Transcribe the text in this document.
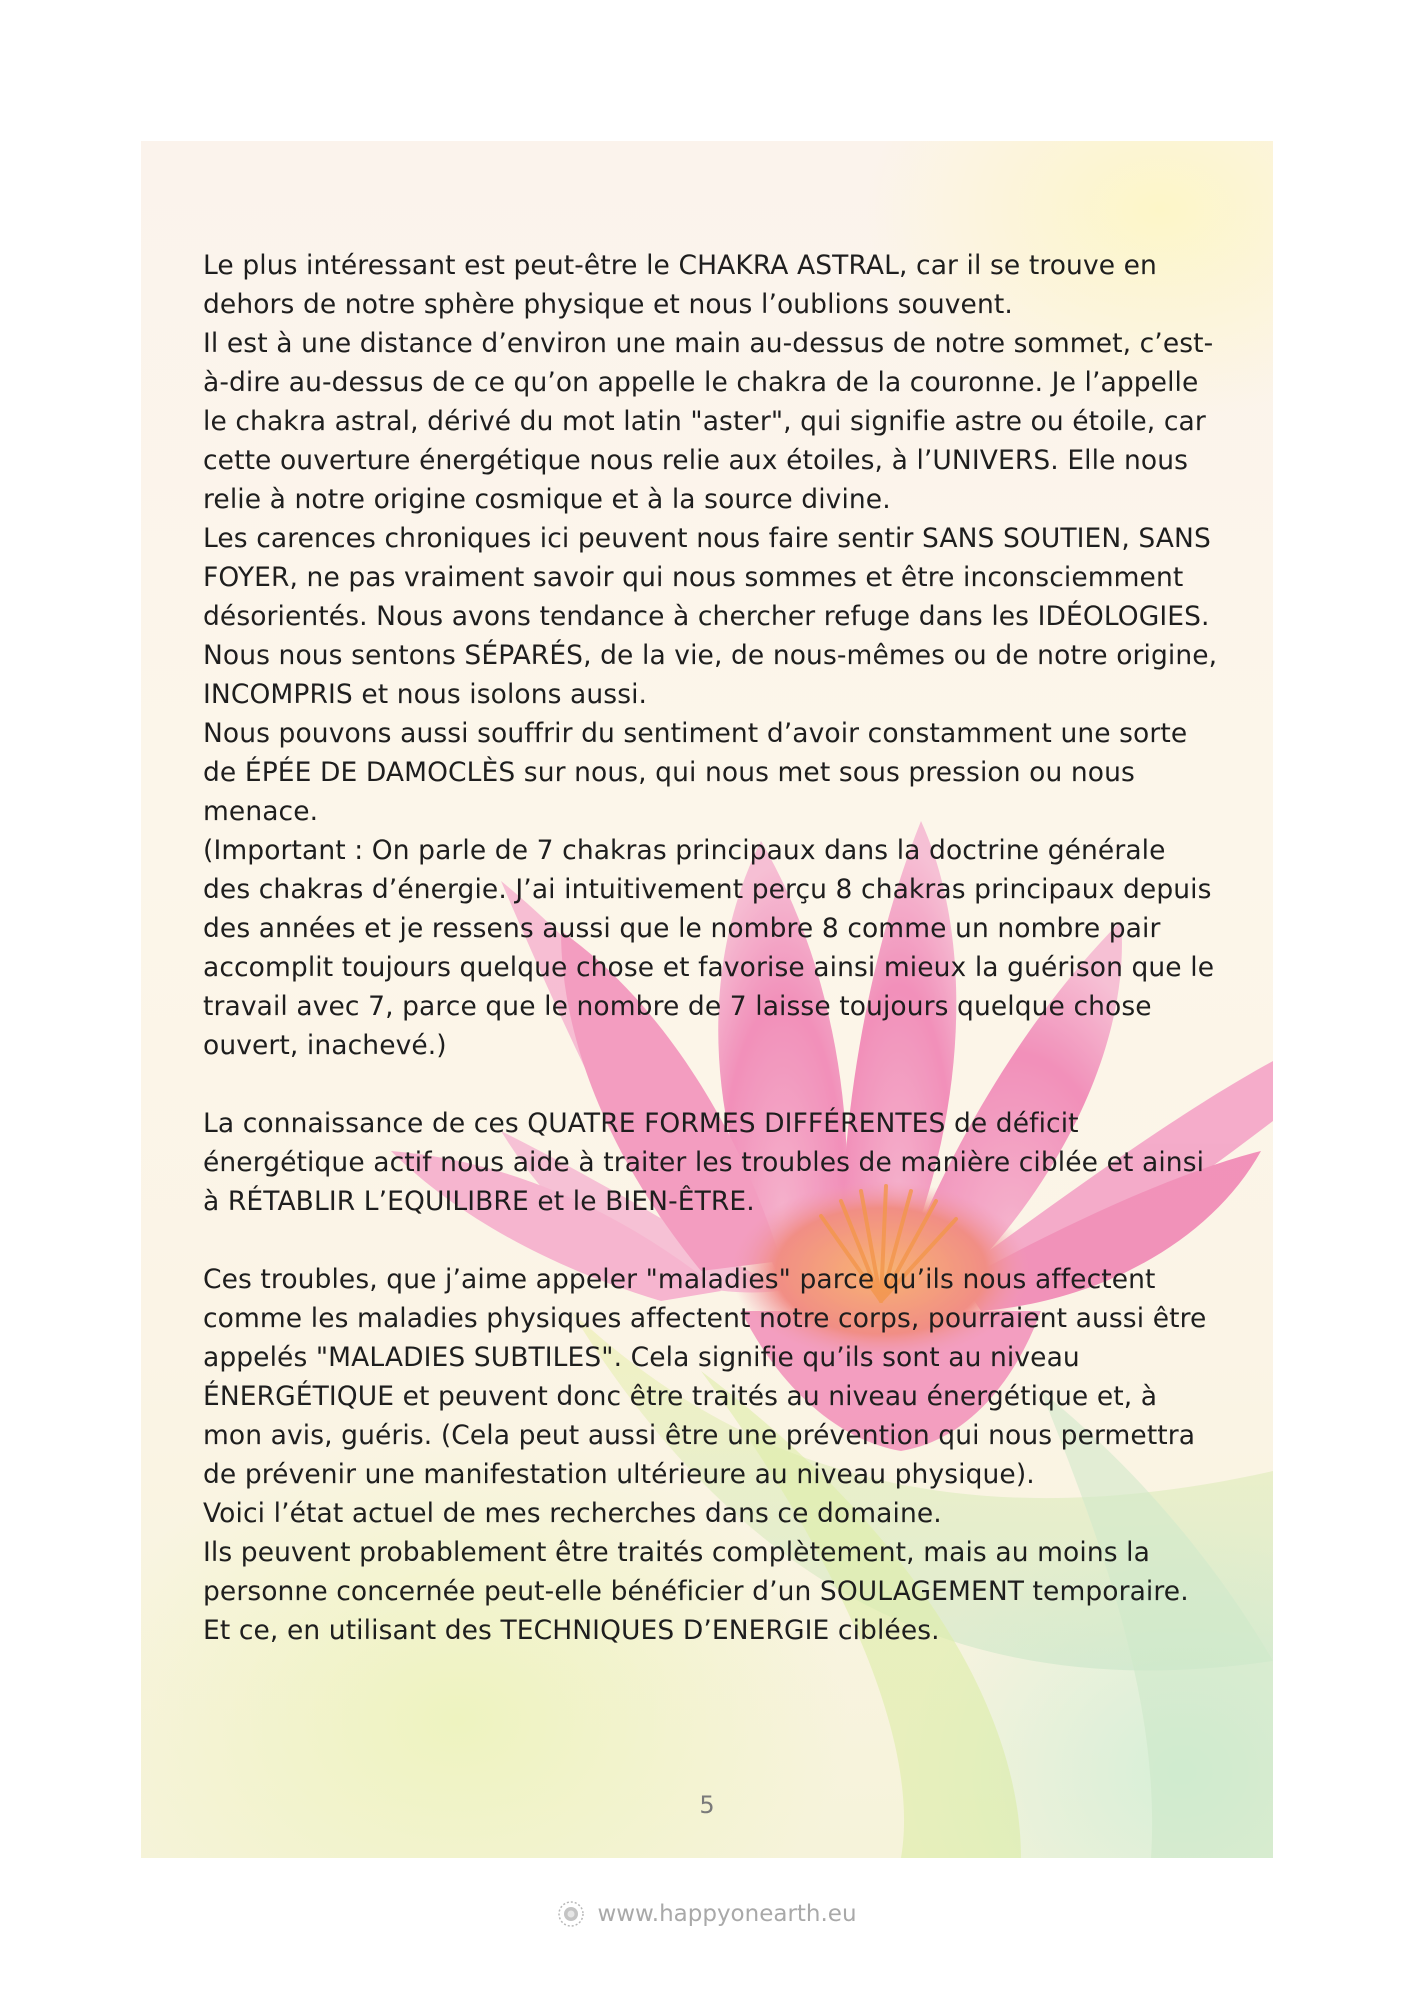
Le plus intéressant est peut-être le CHAKRA ASTRAL, car il se trouve en dehors de notre sphère physique et nous l’oublions souvent.

Il est à une distance d’environ une main au-dessus de notre sommet, c’est-à-dire au-dessus de ce qu’on appelle le chakra de la couronne. Je l’appelle le chakra astral, dérivé du mot latin "aster", qui signifie astre ou étoile, car cette ouverture énergétique nous relie aux étoiles, à l’UNIVERS. Elle nous relie à notre origine cosmique et à la source divine.

Les carences chroniques ici peuvent nous faire sentir SANS SOUTIEN, SANS FOYER, ne pas vraiment savoir qui nous sommes et être inconsciemment désorientés. Nous avons tendance à chercher refuge dans les IDÉOLOGIES. Nous nous sentons SÉPARÉS, de la vie, de nous-mêmes ou de notre origine, INCOMPRIS et nous isolons aussi.

Nous pouvons aussi souffrir du sentiment d’avoir constamment une sorte de ÉPÉE DE DAMOCLÈS sur nous, qui nous met sous pression ou nous menace.

(Important : On parle de 7 chakras principaux dans la doctrine générale des chakras d’énergie. J’ai intuitivement perçu 8 chakras principaux depuis des années et je ressens aussi que le nombre 8 comme un nombre pair accomplit toujours quelque chose et favorise ainsi mieux la guérison que le travail avec 7, parce que le nombre de 7 laisse toujours quelque chose ouvert, inachevé.)

La connaissance de ces QUATRE FORMES DIFFÉRENTES de déficit énergétique actif nous aide à traiter les troubles de manière ciblée et ainsi à RÉTABLIR L’EQUILIBRE et le BIEN-ÊTRE.

Ces troubles, que j’aime appeler "maladies" parce qu’ils nous affectent comme les maladies physiques affectent notre corps, pourraient aussi être appelés "MALADIES SUBTILES". Cela signifie qu’ils sont au niveau ÉNERGÉTIQUE et peuvent donc être traités au niveau énergétique et, à mon avis, guéris. (Cela peut aussi être une prévention qui nous permettra de prévenir une manifestation ultérieure au niveau physique).

Voici l’état actuel de mes recherches dans ce domaine.

Ils peuvent probablement être traités complètement, mais au moins la personne concernée peut-elle bénéficier d’un SOULAGEMENT temporaire. Et ce, en utilisant des TECHNIQUES D’ENERGIE ciblées.

5
www.happyonearth.eu
